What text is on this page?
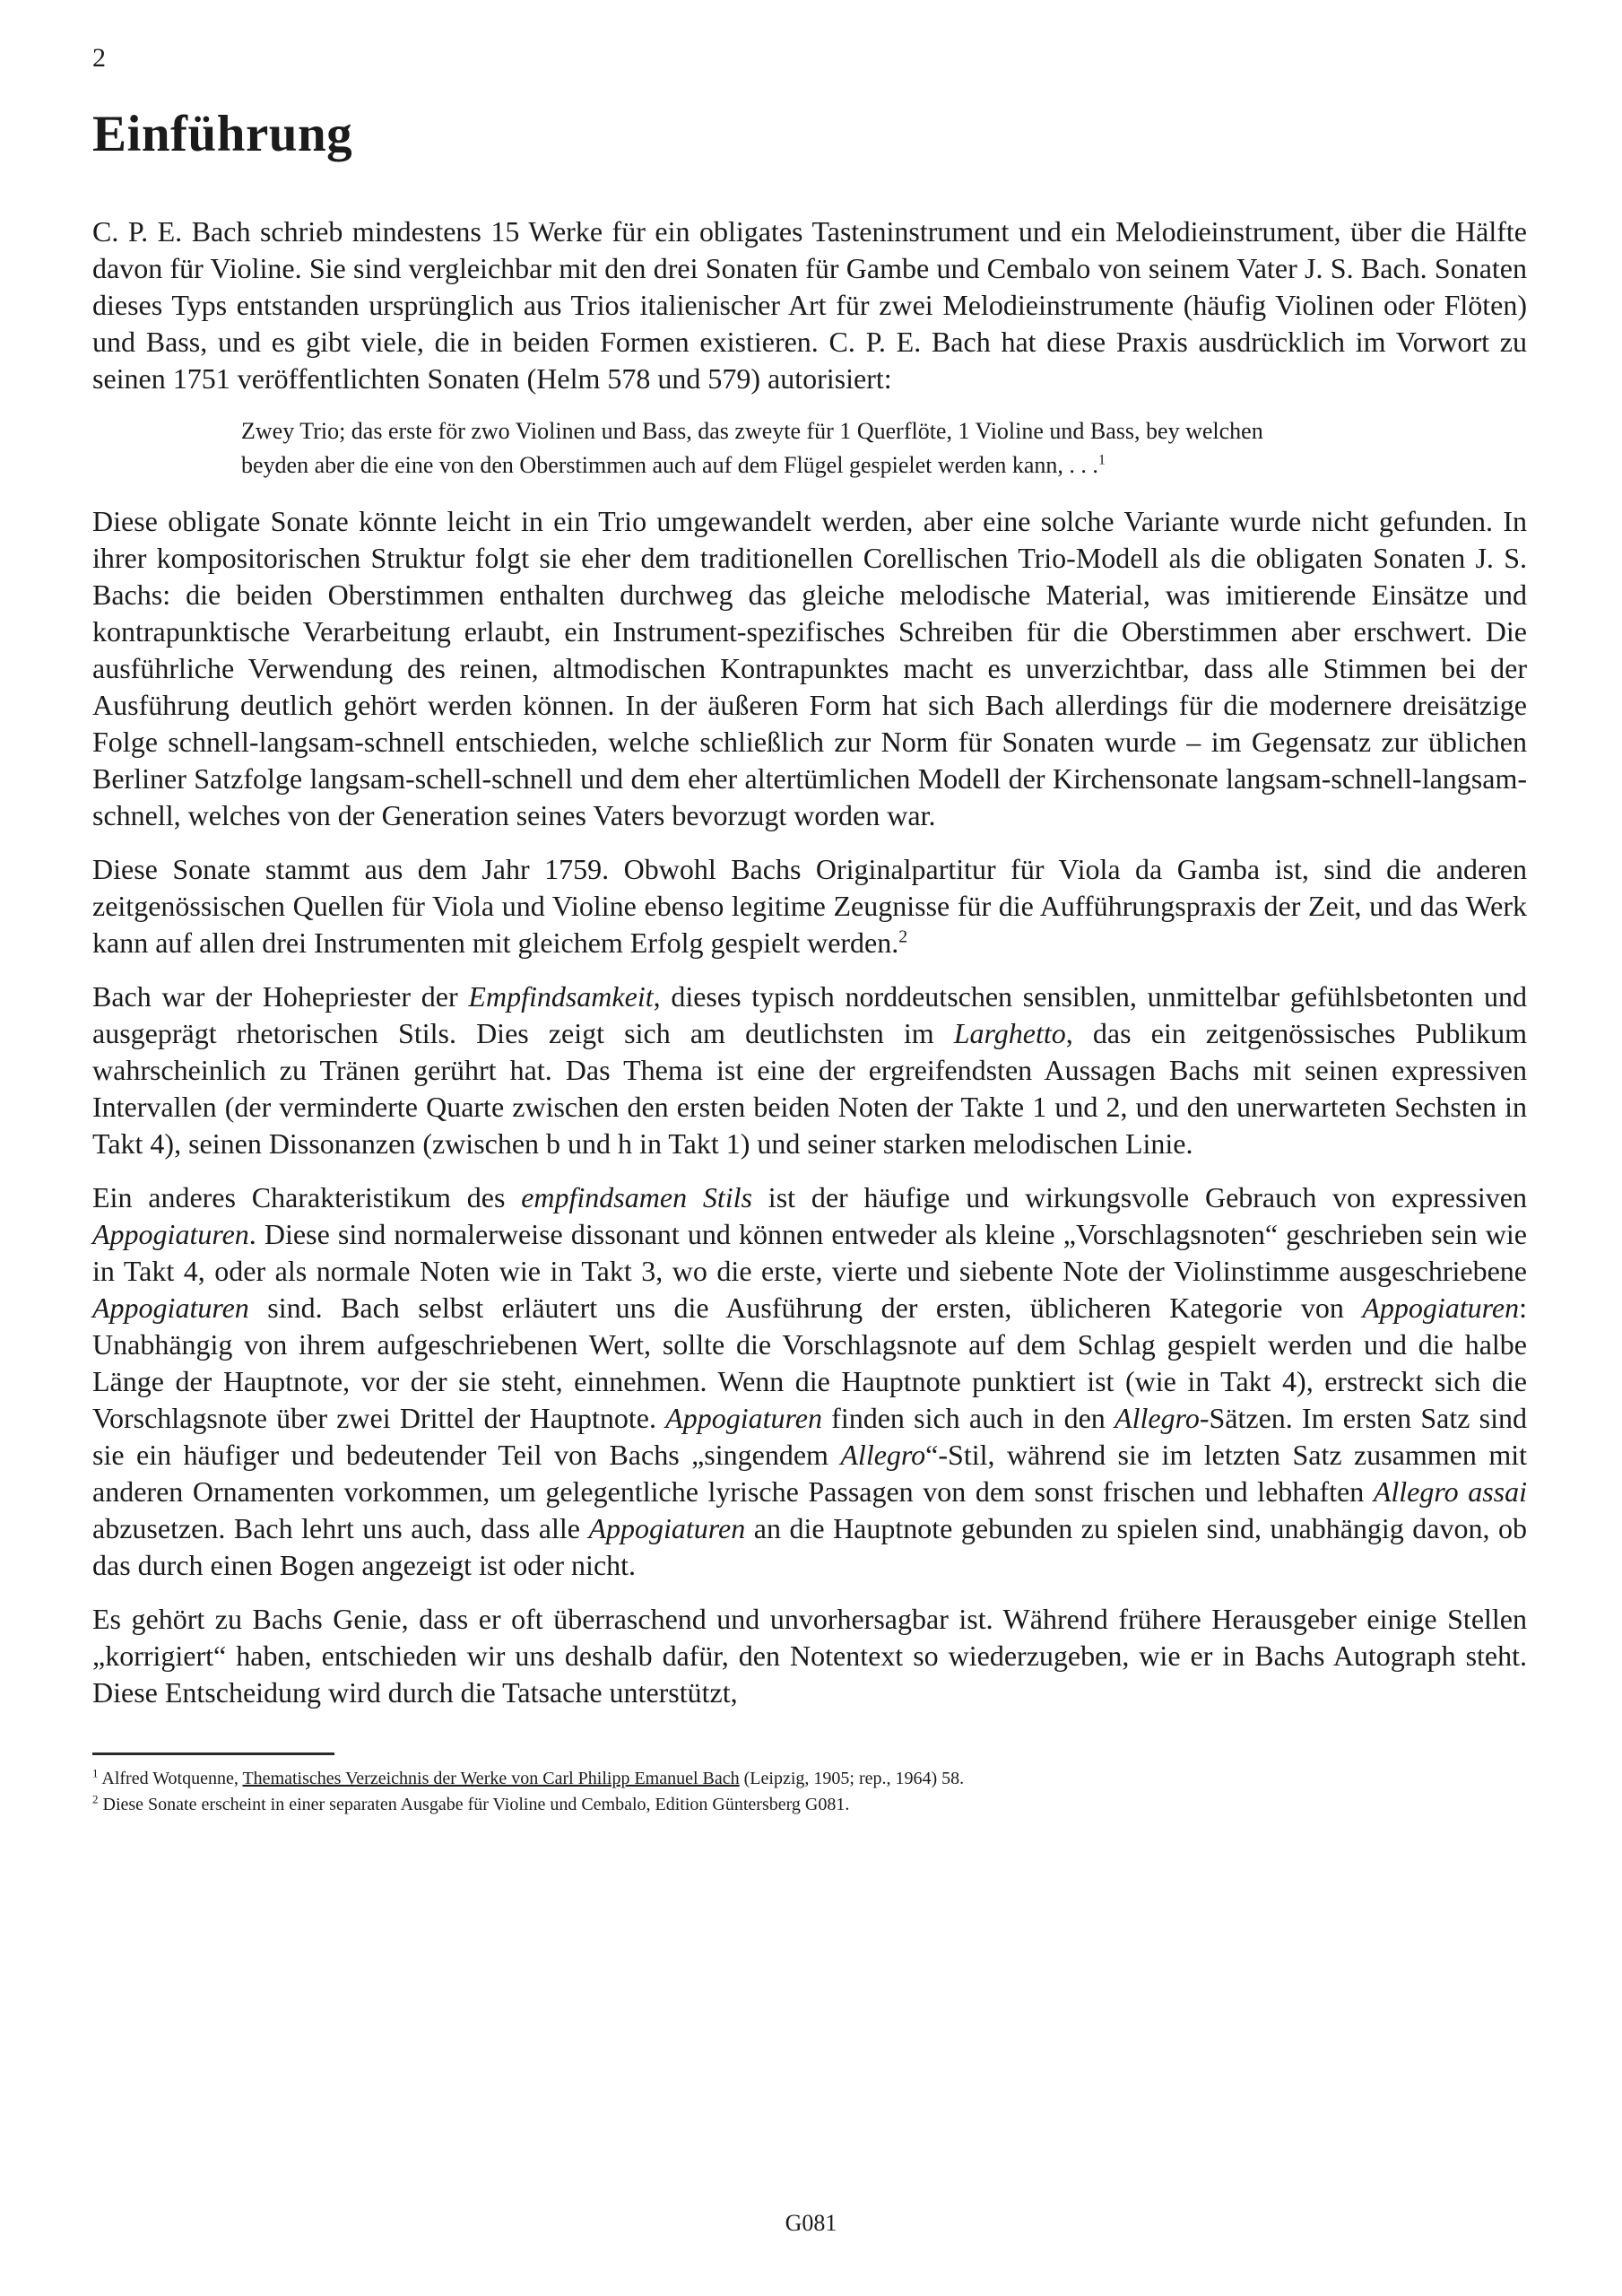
2
Einführung

C. P. E. Bach schrieb mindestens 15 Werke für ein obligates Tasteninstrument und ein Melodieinstrument, über die Hälfte davon für Violine. Sie sind vergleichbar mit den drei Sonaten für Gambe und Cembalo von seinem Vater J. S. Bach. Sonaten dieses Typs entstanden ursprünglich aus Trios italienischer Art für zwei Melodieinstrumente (häufig Violinen oder Flöten) und Bass, und es gibt viele, die in beiden Formen existieren. C. P. E. Bach hat diese Praxis ausdrücklich im Vorwort zu seinen 1751 veröffentlichten Sonaten (Helm 578 und 579) autorisiert:

Zwey Trio; das erste för zwo Violinen und Bass, das zweyte für 1 Querflöte, 1 Violine und Bass, bey welchen beyden aber die eine von den Oberstimmen auch auf dem Flügel gespielet werden kann, . . .$^1$

Diese obligate Sonate könnte leicht in ein Trio umgewandelt werden, aber eine solche Variante wurde nicht gefunden. In ihrer kompositorischen Struktur folgt sie eher dem traditionellen Corellischen Trio-Modell als die obligaten Sonaten J. S. Bachs: die beiden Oberstimmen enthalten durchweg das gleiche melodische Material, was imitierende Einsätze und kontrapunktische Verarbeitung erlaubt, ein Instrument-spezifisches Schreiben für die Oberstimmen aber erschwert. Die ausführliche Verwendung des reinen, altmodischen Kontrapunktes macht es unverzichtbar, dass alle Stimmen bei der Ausführung deutlich gehört werden können. In der äußeren Form hat sich Bach allerdings für die modernere dreisätzige Folge schnell-langsam-schnell entschieden, welche schließlich zur Norm für Sonaten wurde – im Gegensatz zur üblichen Berliner Satzfolge langsam-schell-schnell und dem eher altertümlichen Modell der Kirchensonate langsam-schnell-langsam-schnell, welches von der Generation seines Vaters bevorzugt worden war.

Diese Sonate stammt aus dem Jahr 1759. Obwohl Bachs Originalpartitur für Viola da Gamba ist, sind die anderen zeitgenössischen Quellen für Viola und Violine ebenso legitime Zeugnisse für die Aufführungspraxis der Zeit, und das Werk kann auf allen drei Instrumenten mit gleichem Erfolg gespielt werden.$^2$

Bach war der Hohepriester der Empfindsamkeit, dieses typisch norddeutschen sensiblen, unmittelbar gefühlsbetonten und ausgeprägt rhetorischen Stils. Dies zeigt sich am deutlichsten im Larghetto, das ein zeitgenössisches Publikum wahrscheinlich zu Tränen gerührt hat. Das Thema ist eine der ergreifendsten Aussagen Bachs mit seinen expressiven Intervallen (der verminderte Quarte zwischen den ersten beiden Noten der Takte 1 und 2, und den unerwarteten Sechsten in Takt 4), seinen Dissonanzen (zwischen b und h in Takt 1) und seiner starken melodischen Linie.

Ein anderes Charakteristikum des empfindsamen Stils ist der häufige und wirkungsvolle Gebrauch von expressiven Appogiaturen. Diese sind normalerweise dissonant und können entweder als kleine „Vorschlagsnoten“ geschrieben sein wie in Takt 4, oder als normale Noten wie in Takt 3, wo die erste, vierte und siebente Note der Violinstimme ausgeschriebene Appogiaturen sind. Bach selbst erläutert uns die Ausführung der ersten, üblicheren Kategorie von Appogiaturen: Unabhängig von ihrem aufgeschriebenen Wert, sollte die Vorschlagsnote auf dem Schlag gespielt werden und die halbe Länge der Hauptnote, vor der sie steht, einnehmen. Wenn die Hauptnote punktiert ist (wie in Takt 4), erstreckt sich die Vorschlagsnote über zwei Drittel der Hauptnote. Appogiaturen finden sich auch in den Allegro-Sätzen. Im ersten Satz sind sie ein häufiger und bedeutender Teil von Bachs „singendem Allegro“-Stil, während sie im letzten Satz zusammen mit anderen Ornamenten vorkommen, um gelegentliche lyrische Passagen von dem sonst frischen und lebhaften Allegro assai abzusetzen. Bach lehrt uns auch, dass alle Appogiaturen an die Hauptnote gebunden zu spielen sind, unabhängig davon, ob das durch einen Bogen angezeigt ist oder nicht.

Es gehört zu Bachs Genie, dass er oft überraschend und unvorhersagbar ist. Während frühere Herausgeber einige Stellen „korrigiert“ haben, entschieden wir uns deshalb dafür, den Notentext so wiederzugeben, wie er in Bachs Autograph steht. Diese Entscheidung wird durch die Tatsache unterstützt,

$^1$ Alfred Wotquenne, Thematisches Verzeichnis der Werke von Carl Philipp Emanuel Bach (Leipzig, 1905; rep., 1964) 58.
$^2$ Diese Sonate erscheint in einer separaten Ausgabe für Violine und Cembalo, Edition Güntersberg G081.
G081
